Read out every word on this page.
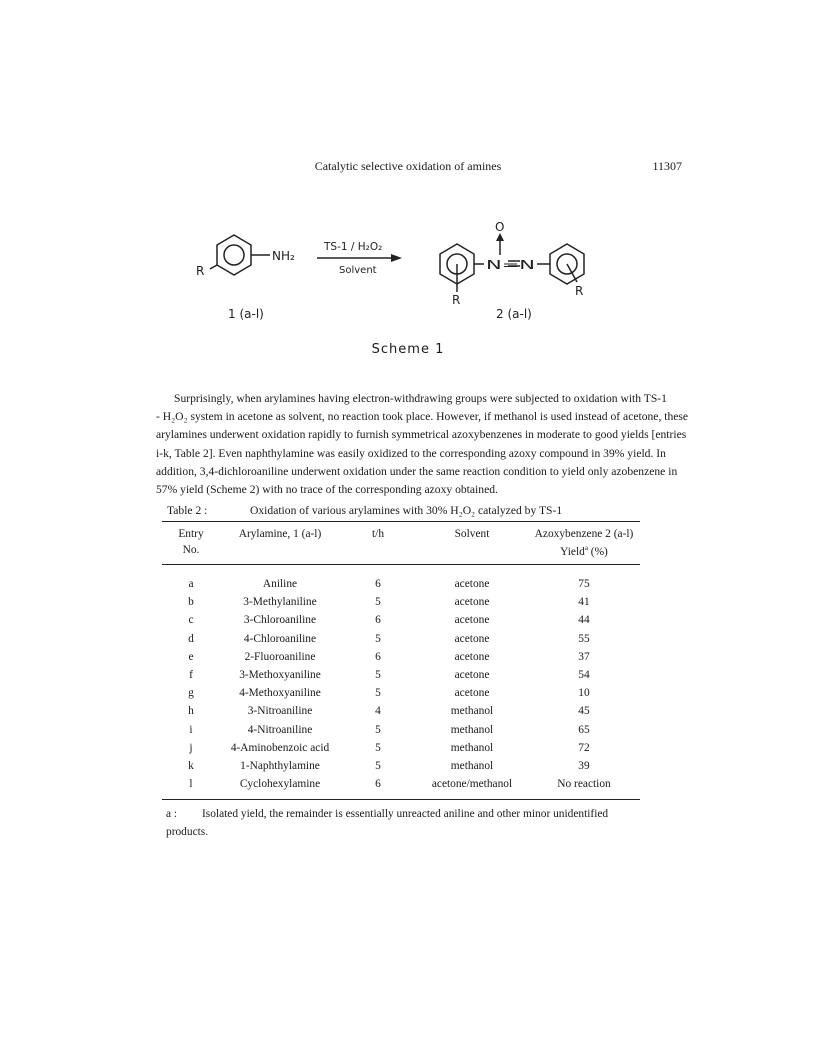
Catalytic selective oxidation of amines	11307
NH₂
R
TS-1 / H₂O₂
Solvent
O
N=N
R
R
1 (a-l)	2 (a-l)
Scheme 1

Surprisingly, when arylamines having electron-withdrawing groups were subjected to oxidation with TS-1
- H₂O₂ system in acetone as solvent, no reaction took place. However, if methanol is used instead of acetone, these
arylamines underwent oxidation rapidly to furnish symmetrical azoxybenzenes in moderate to good yields [entries
i-k, Table 2]. Even naphthylamine was easily oxidized to the corresponding azoxy compound in 39% yield. In
addition, 3,4-dichloroaniline underwent oxidation under the same reaction condition to yield only azobenzene in
57% yield (Scheme 2) with no trace of the corresponding azoxy obtained.

Table 2 :	Oxidation of various arylamines with 30% H₂O₂ catalyzed by TS-1
Entry	Arylamine, 1 (a-l)	t/h	Solvent	Azoxybenzene 2 (a-l)
No.				Yield$^a$ (%)
a	Aniline	6	acetone	75
b	3-Methylaniline	5	acetone	41
c	3-Chloroaniline	6	acetone	44
d	4-Chloroaniline	5	acetone	55
e	2-Fluoroaniline	6	acetone	37
f	3-Methoxyaniline	5	acetone	54
g	4-Methoxyaniline	5	acetone	10
h	3-Nitroaniline	4	methanol	45
i	4-Nitroaniline	5	methanol	65
j	4-Aminobenzoic acid	5	methanol	72
k	1-Naphthylamine	5	methanol	39
l	Cyclohexylamine	6	acetone/methanol	No reaction
a : Isolated yield, the remainder is essentially unreacted aniline and other minor unidentified
products.
